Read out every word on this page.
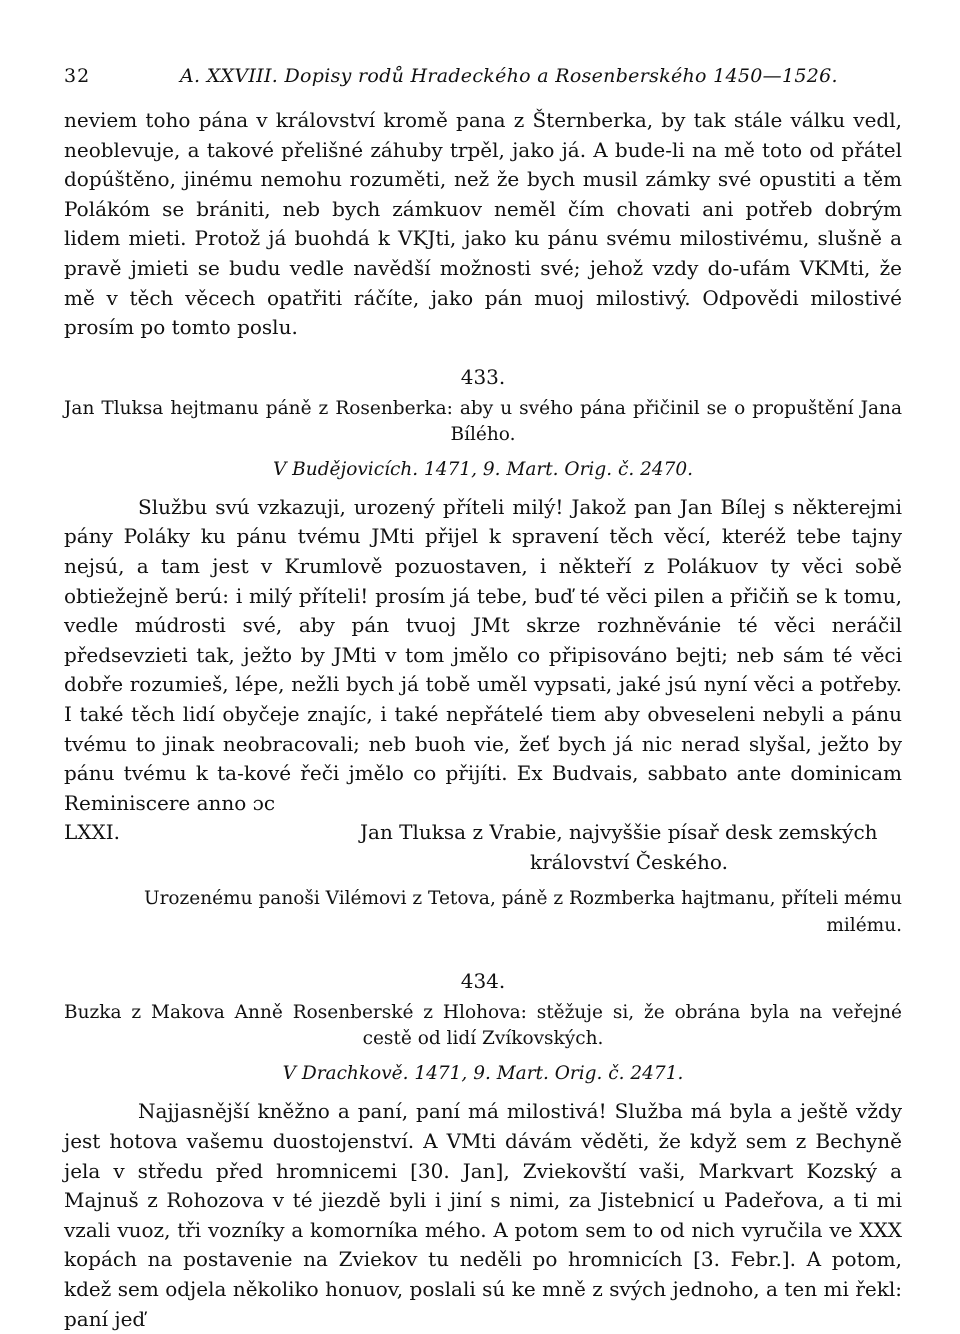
32	A. XXVIII. Dopisy rodů Hradeckého a Rosenberského 1450—1526.

neviem toho pána v království kromě pana z Šternberka, by tak stále válku vedl, neoblevuje, a takové přelišné záhuby trpěl, jako já. A bude-li na mě toto od přátel dopúštěno, jinému nemohu rozuměti, než že bych musil zámky své opustiti a těm Polákóm se brániti, neb bych zámkuov neměl čím chovati ani potřeb dobrým lidem mieti. Protož já buohdá k VKJti, jako ku pánu svému milostivému, slušně a pravě jmieti se budu vedle navědší možnosti své; jehož vzdy do-ufám VKMti, že mě v těch věcech opatřiti ráčíte, jako pán muoj milostivý. Odpovědi milostivé prosím po tomto poslu.

433.

Jan Tluksa hejtmanu páně z Rosenberka: aby u svého pána přičinil se o propuštění Jana Bílého.

V Budějovicích. 1471, 9. Mart. Orig. č. 2470.

Službu svú vzkazuji, urozený příteli milý! Jakož pan Jan Bílej s některejmi pány Poláky ku pánu tvému JMti přijel k spravení těch věcí, kteréž tebe tajny nejsú, a tam jest v Krumlově pozuostaven, i někteří z Polákuov ty věci sobě obtiežejně berú: i milý příteli! prosím já tebe, buď té věci pilen a přičiň se k tomu, vedle múdrosti své, aby pán tvuoj JMt skrze rozhněvánie té věci neráčil předsevzieti tak, ježto by JMti v tom jmělo co připisováno bejti; neb sám té věci dobře rozumieš, lépe, nežli bych já tobě uměl vypsati, jaké jsú nyní věci a potřeby. I také těch lidí obyčeje znajíc, i také nepřátelé tiem aby obveseleni nebyli a pánu tvému to jinak neobracovali; neb buoh vie, žeť bych já nic nerad slyšal, ježto by pánu tvému k ta-kové řeči jmělo co přijíti. Ex Budvais, sabbato ante dominicam Reminiscere anno ɔc

LXXI.	Jan Tluksa z Vrabie, najvyššie písař desk zemských

království Českého.

Urozenému panoši Vilémovi z Tetova, páně z Rozmberka hajtmanu, příteli mému milému.

434.

Buzka z Makova Anně Rosenberské z Hlohova: stěžuje si, že obrána byla na veřejné cestě od lidí Zvíkovských.

V Drachkově. 1471, 9. Mart. Orig. č. 2471.

Najjasnější kněžno a paní, paní má milostivá! Služba má byla a ještě vždy jest hotova vašemu duostojenství. A VMti dávám věděti, že když sem z Bechyně jela v středu před hromnicemi [30. Jan], Zviekovští vaši, Markvart Kozský a Majnuš z Rohozova v té jiezdě byli i jiní s nimi, za Jistebnicí u Padeřova, a ti mi vzali vuoz, tři vozníky a komorníka mého. A potom sem to od nich vyručila ve XXX kopách na postavenie na Zviekov tu neděli po hromnicích [3. Febr.]. A potom, kdež sem odjela několiko honuov, poslali sú ke mně z svých jednoho, a ten mi řekl: paní jeď
